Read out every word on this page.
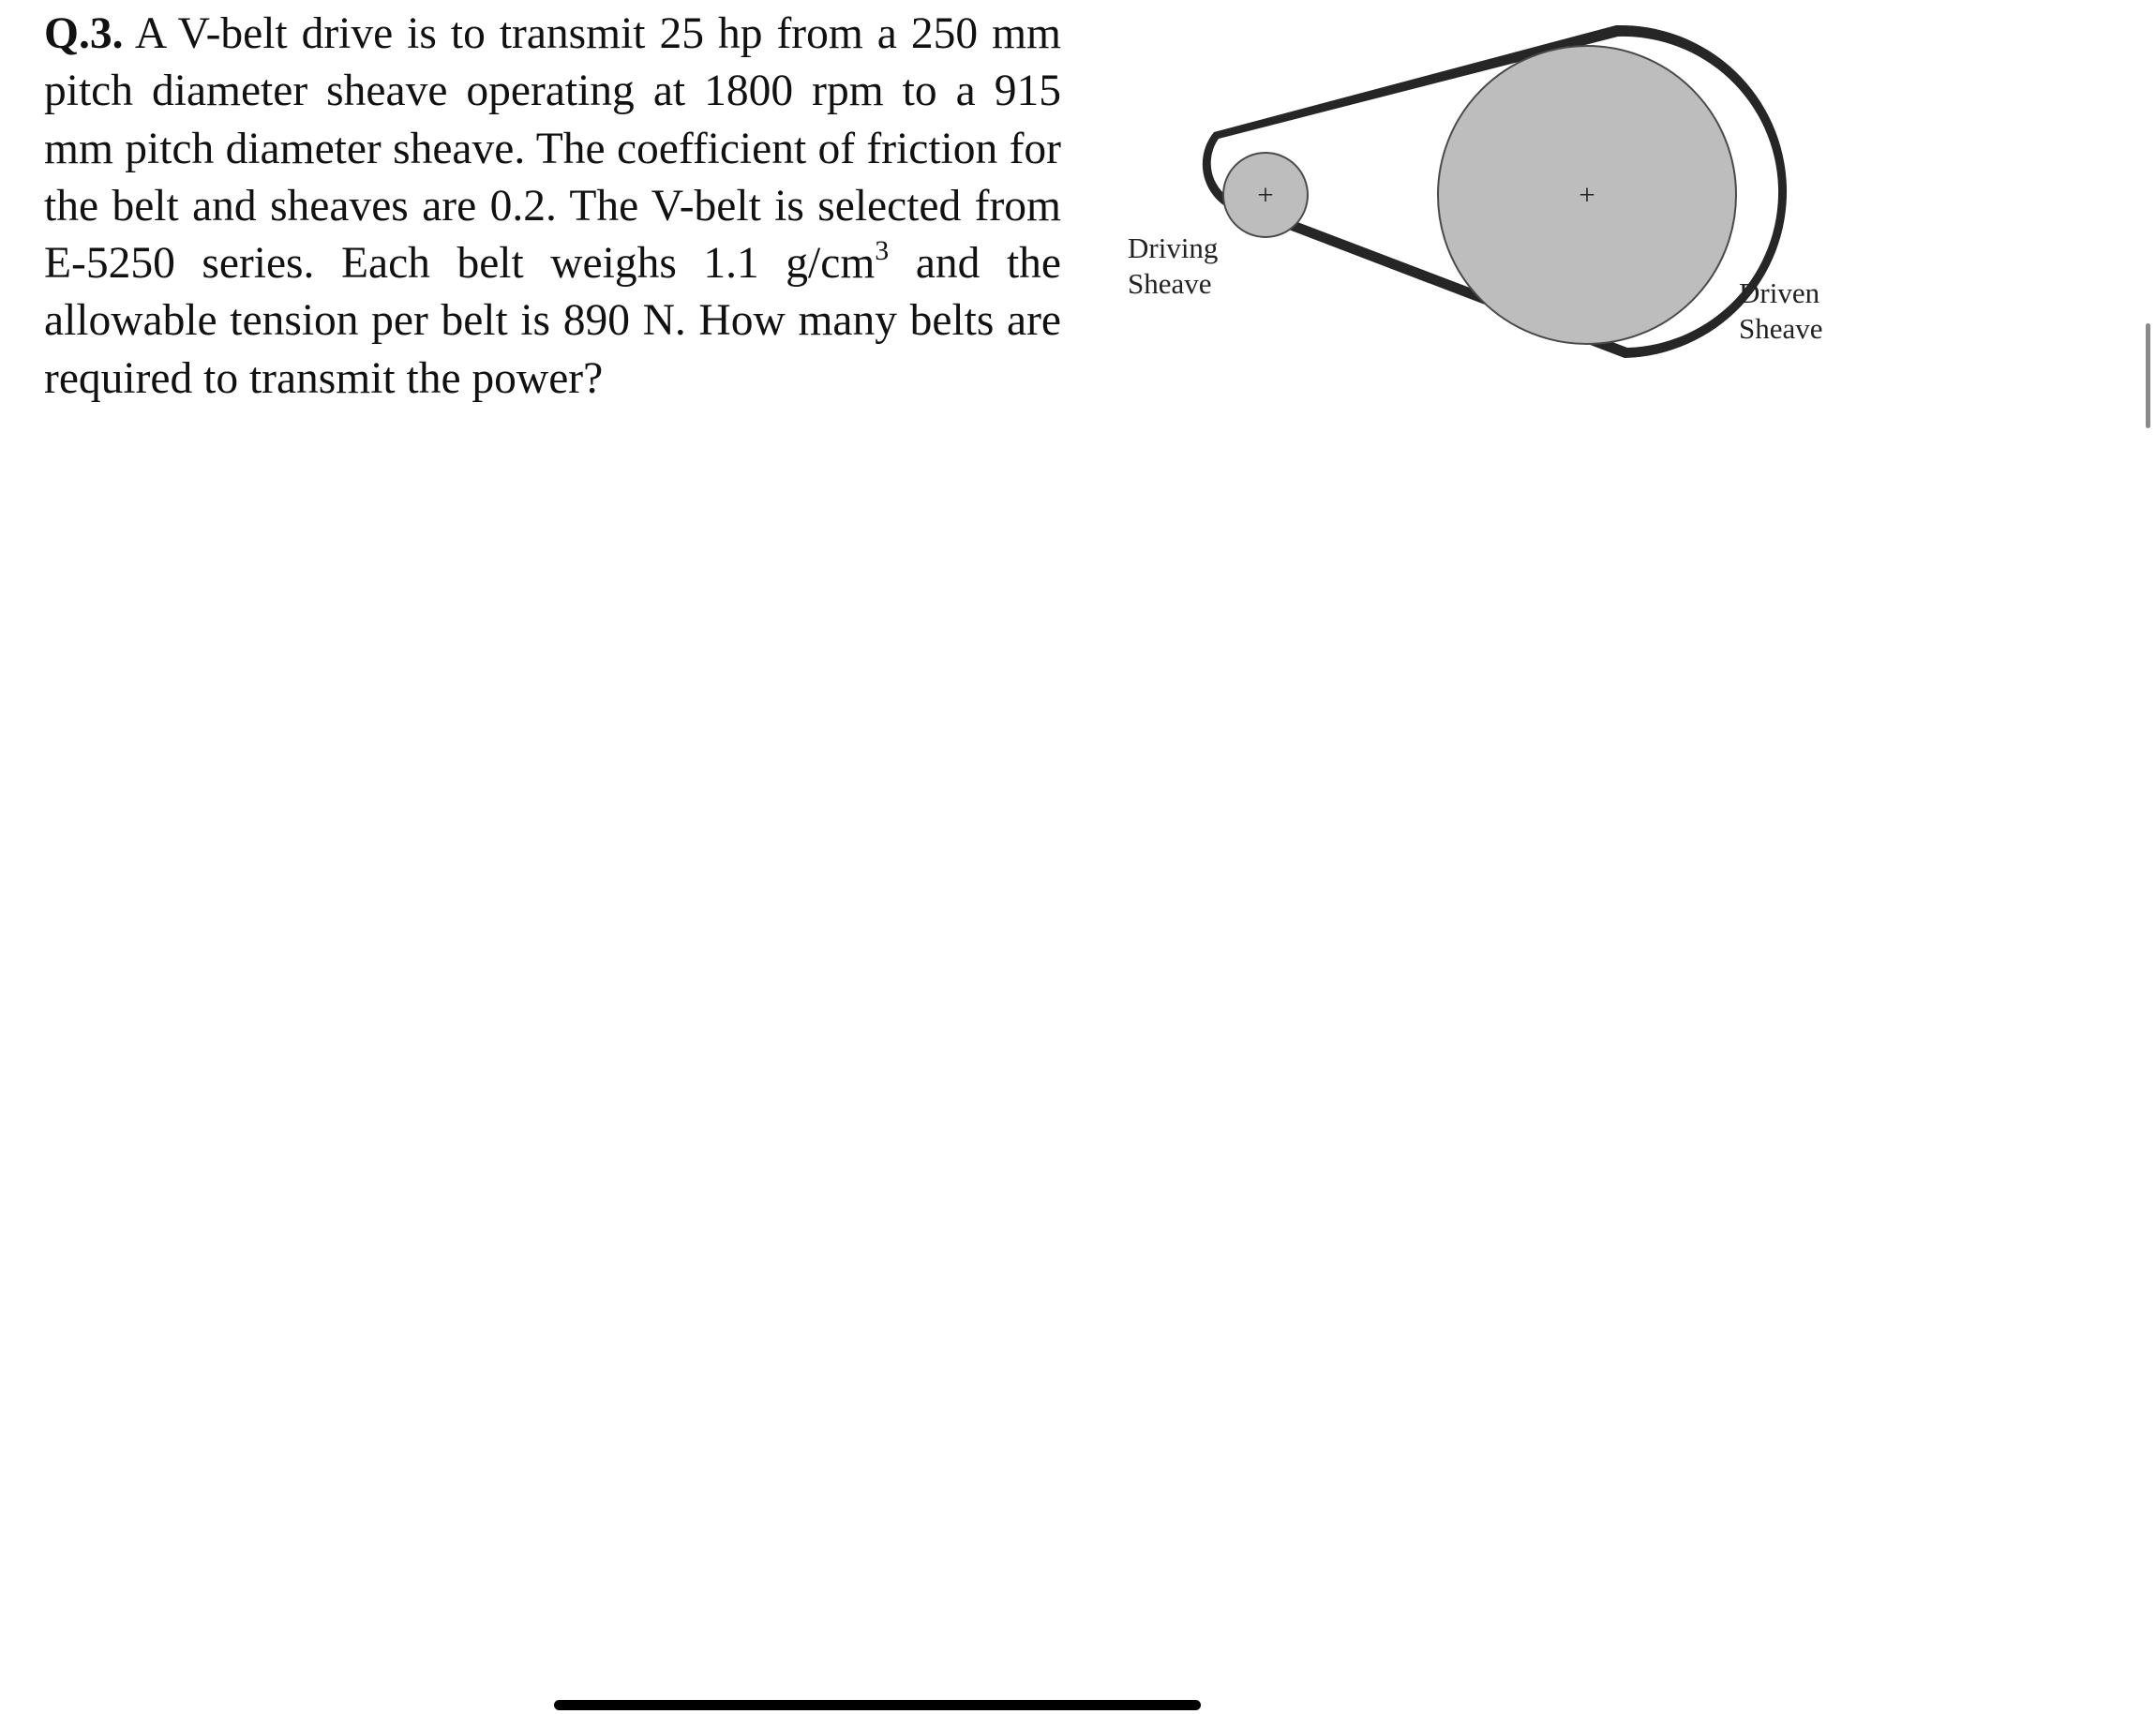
Q.3. A V-belt drive is to transmit 25 hp from a 250 mm pitch diameter sheave operating at 1800 rpm to a 915 mm pitch diameter sheave. The coefficient of friction for the belt and sheaves are 0.2. The V-belt is selected from E-5250 series. Each belt weighs 1.1 $g/cm^3$ and the allowable tension per belt is 890 N. How many belts are required to transmit the power?

+	+
Driving
Sheave	Driven
Sheave
